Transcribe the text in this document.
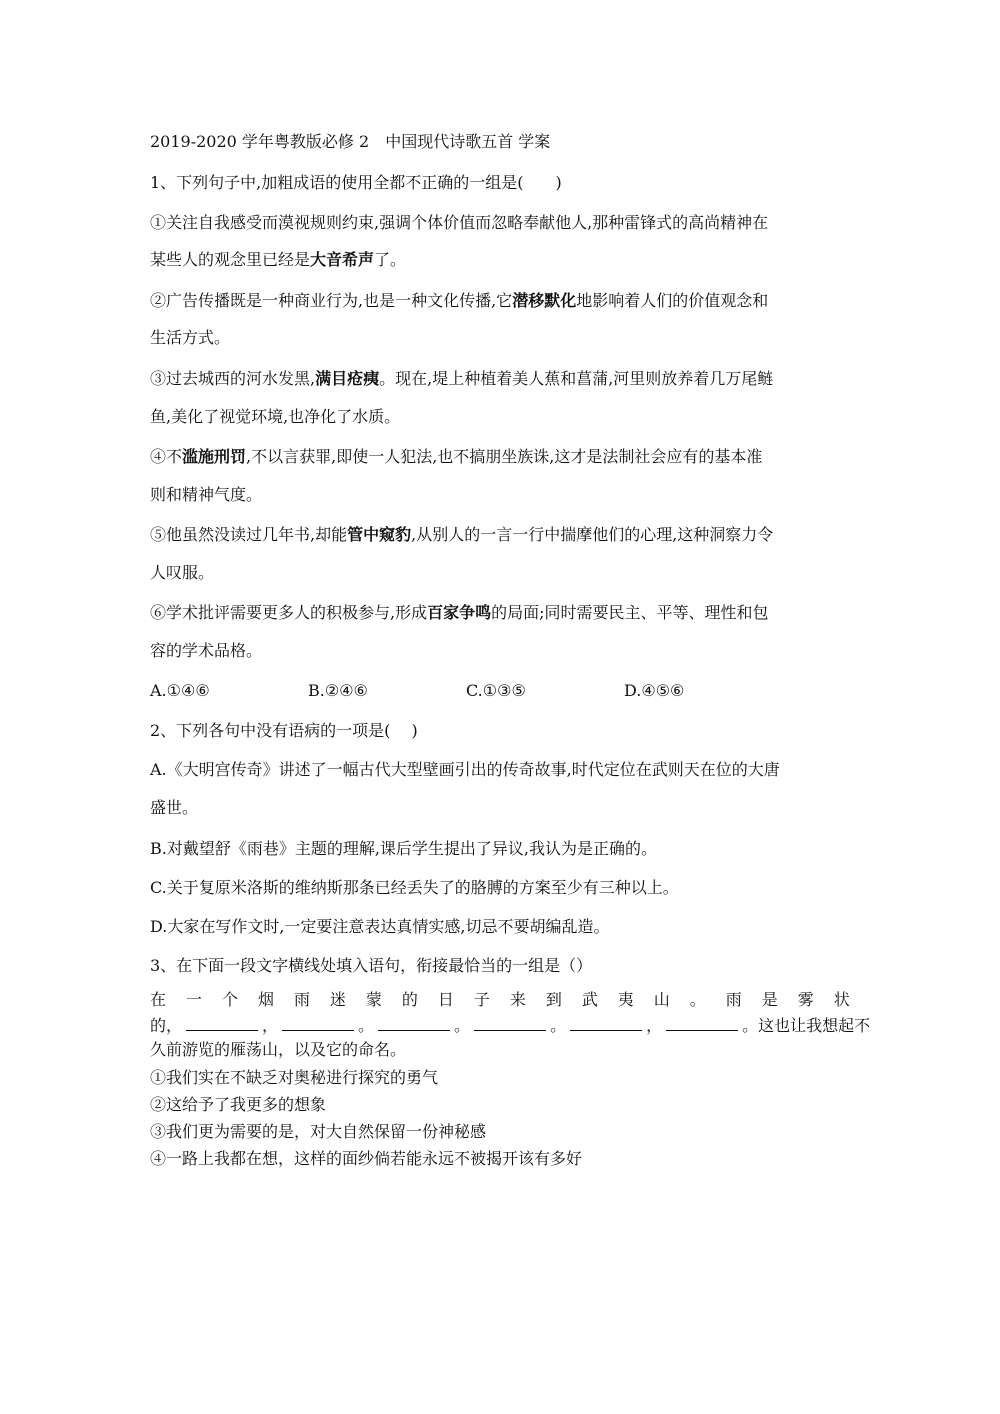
2019-2020 学年粤教版必修 2　中国现代诗歌五首 学案
1、下列句子中,加粗成语的使用全都不正确的一组是(　　)
①关注自我感受而漠视规则约束,强调个体价值而忽略奉献他人,那种雷锋式的高尚精神在
某些人的观念里已经是大音希声了。
②广告传播既是一种商业行为,也是一种文化传播,它潜移默化地影响着人们的价值观念和
生活方式。
③过去城西的河水发黑,满目疮痍。现在,堤上种植着美人蕉和菖蒲,河里则放养着几万尾鲢
鱼,美化了视觉环境,也净化了水质。
④不滥施刑罚,不以言获罪,即使一人犯法,也不搞朋坐族诛,这才是法制社会应有的基本准
则和精神气度。
⑤他虽然没读过几年书,却能管中窥豹,从别人的一言一行中揣摩他们的心理,这种洞察力令
人叹服。
⑥学术批评需要更多人的积极参与,形成百家争鸣的局面;同时需要民主、平等、理性和包
容的学术品格。
A.①④⑥	B.②④⑥	C.①③⑤	D.④⑤⑥
2、下列各句中没有语病的一项是(　 )
A.《大明宫传奇》讲述了一幅古代大型壁画引出的传奇故事,时代定位在武则天在位的大唐
盛世。
B.对戴望舒《雨巷》主题的理解,课后学生提出了异议,我认为是正确的。
C.关于复原米洛斯的维纳斯那条已经丢失了的胳膊的方案至少有三种以上。
D.大家在写作文时,一定要注意表达真情实感,切忌不要胡编乱造。
3、在下面一段文字横线处填入语句，衔接最恰当的一组是（）
在 一 个 烟 雨 迷 蒙 的 日 子 来 到 武 夷 山 。 雨 是 雾 状
的，	，	。	。	。	，	。这也让我想起不
久前游览的雁荡山，以及它的命名。
①我们实在不缺乏对奥秘进行探究的勇气
②这给予了我更多的想象
③我们更为需要的是，对大自然保留一份神秘感
④一路上我都在想，这样的面纱倘若能永远不被揭开该有多好
